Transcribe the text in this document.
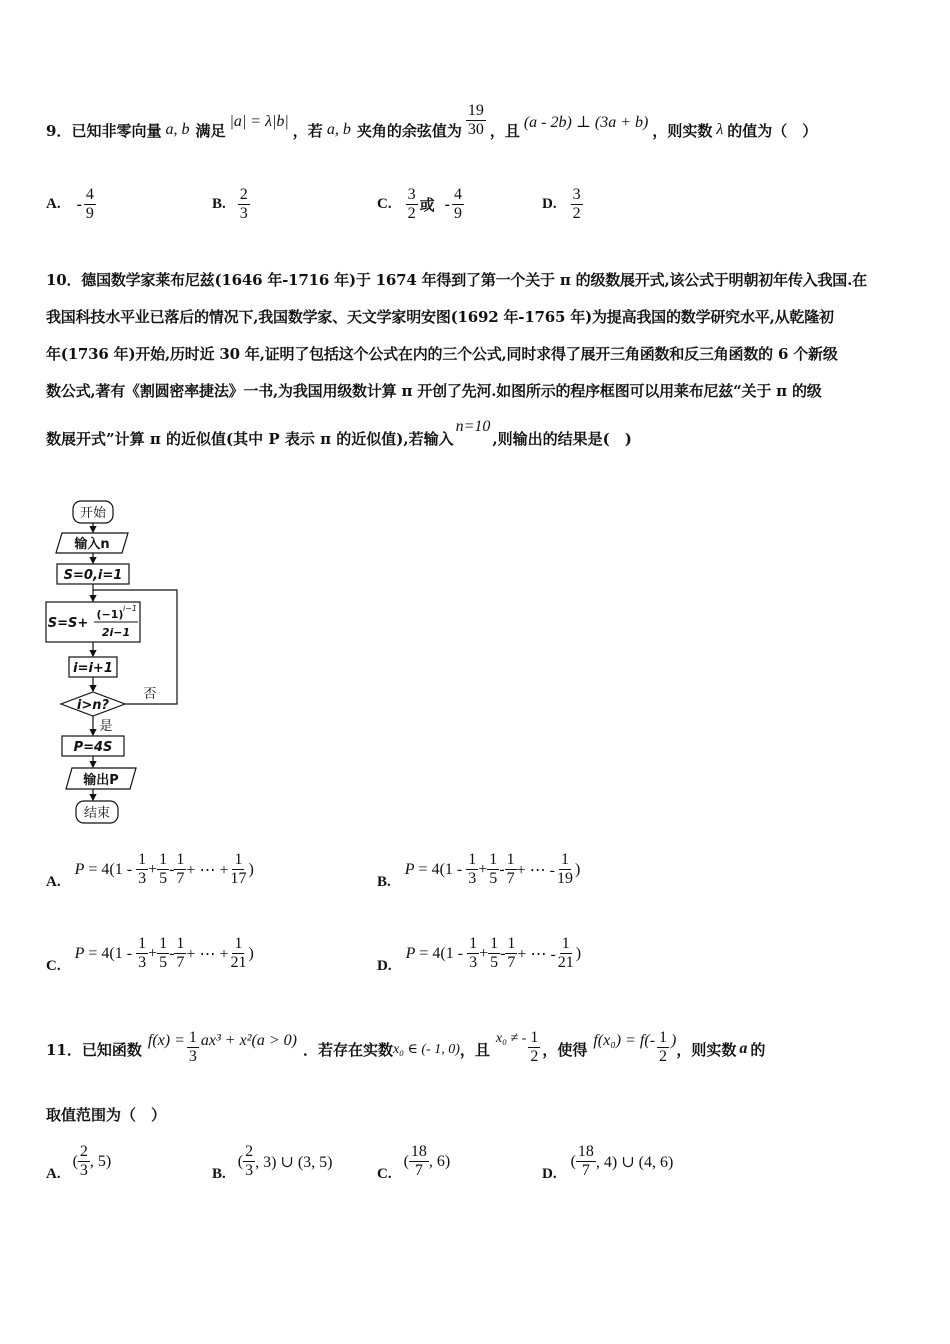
9． 已知非零向量 a, b 满足 |a| = λ|b| ，若 a, b 夹角的余弦值为 $\frac{19}{30}$ ，且 (a - 2b) ⊥ (3a + b) ，则实数 λ 的值为（　）
A. - $\frac{4}{9}$	B. $\frac{2}{3}$	C. $\frac{3}{2}$ 或 - $\frac{4}{9}$	D. $\frac{3}{2}$
10．德国数学家莱布尼兹(1646 年-1716 年)于 1674 年得到了第一个关于 π 的级数展开式,该公式于明朝初年传入我国.在
我国科技水平业已落后的情况下,我国数学家、天文学家明安图(1692 年-1765 年)为提高我国的数学研究水平,从乾隆初
年(1736 年)开始,历时近 30 年,证明了包括这个公式在内的三个公式,同时求得了展开三角函数和反三角函数的 6 个新级
数公式,著有《割圆密率捷法》一书,为我国用级数计算 π 开创了先河.如图所示的程序框图可以用莱布尼兹“关于 π 的级
数展开式”计算 π 的近似值(其中 P 表示 π 的近似值),若输入
n=10
,则输出的结果是(　)
开始
输入n
S=0,i=1
S=S+
(−1) i−1
2i−1
i=i+1
i>n?
否
是
P=4S
输出P
结束
A.
$P = 4(1 - \frac{1}{3} + \frac{1}{5} - \frac{1}{7}$ + ⋯ + $\frac{1}{17}$ )
B.
$P = 4(1 - \frac{1}{3} + \frac{1}{5} - \frac{1}{7}$ + ⋯ - $\frac{1}{19}$ )
C.
$P = 4(1 - \frac{1}{3} + \frac{1}{5} - \frac{1}{7}$ + ⋯ + $\frac{1}{21}$ )
D.
$P = 4(1 - \frac{1}{3} + \frac{1}{5} - \frac{1}{7}$ + ⋯ - $\frac{1}{21}$ )
11． 已知函数 $f(x) = \frac{1}{3} ax^3 + x^2(a > 0)$ ．若存在实数 x₀ ∈ (- 1, 0) ，且
x₀ ≠ - $\frac{1}{2}$ ，使得 $f(x_0) = f(- \frac{1}{2}$ ) ，则实数 a 的
取值范围为（　）
A.
( $\frac{2}{3}$ , 5)
B.
( $\frac{2}{3}$ , 3) ∪ (3, 5)
C.
( $\frac{18}{7}$ , 6)
D.
( $\frac{18}{7}$ , 4) ∪ (4, 6)
